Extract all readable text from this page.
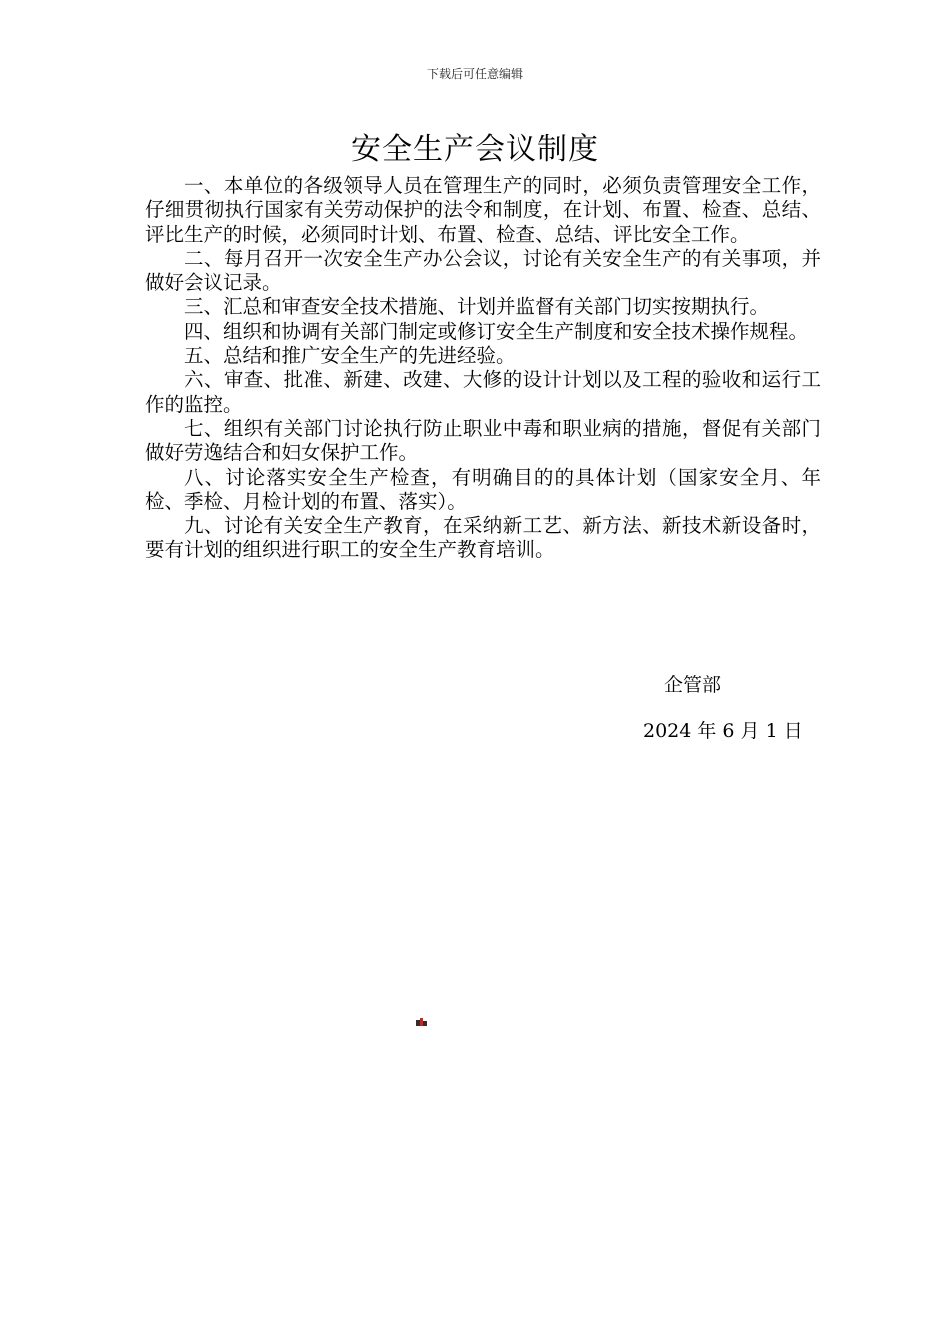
下载后可任意编辑
安全生产会议制度

一、本单位的各级领导人员在管理生产的同时，必须负责管理安全工作，仔细贯彻执行国家有关劳动保护的法令和制度，在计划、布置、检查、总结、评比生产的时候，必须同时计划、布置、检查、总结、评比安全工作。

二、每月召开一次安全生产办公会议，讨论有关安全生产的有关事项，并做好会议记录。

三、汇总和审查安全技术措施、计划并监督有关部门切实按期执行。

四、组织和协调有关部门制定或修订安全生产制度和安全技术操作规程。

五、总结和推广安全生产的先进经验。

六、审查、批准、新建、改建、大修的设计计划以及工程的验收和运行工作的监控。

七、组织有关部门讨论执行防止职业中毒和职业病的措施，督促有关部门做好劳逸结合和妇女保护工作。

八、讨论落实安全生产检查，有明确目的的具体计划（国家安全月、年检、季检、月检计划的布置、落实）。

九、讨论有关安全生产教育，在采纳新工艺、新方法、新技术新设备时，要有计划的组织进行职工的安全生产教育培训。

企管部
2024 年 6 月 1 日
